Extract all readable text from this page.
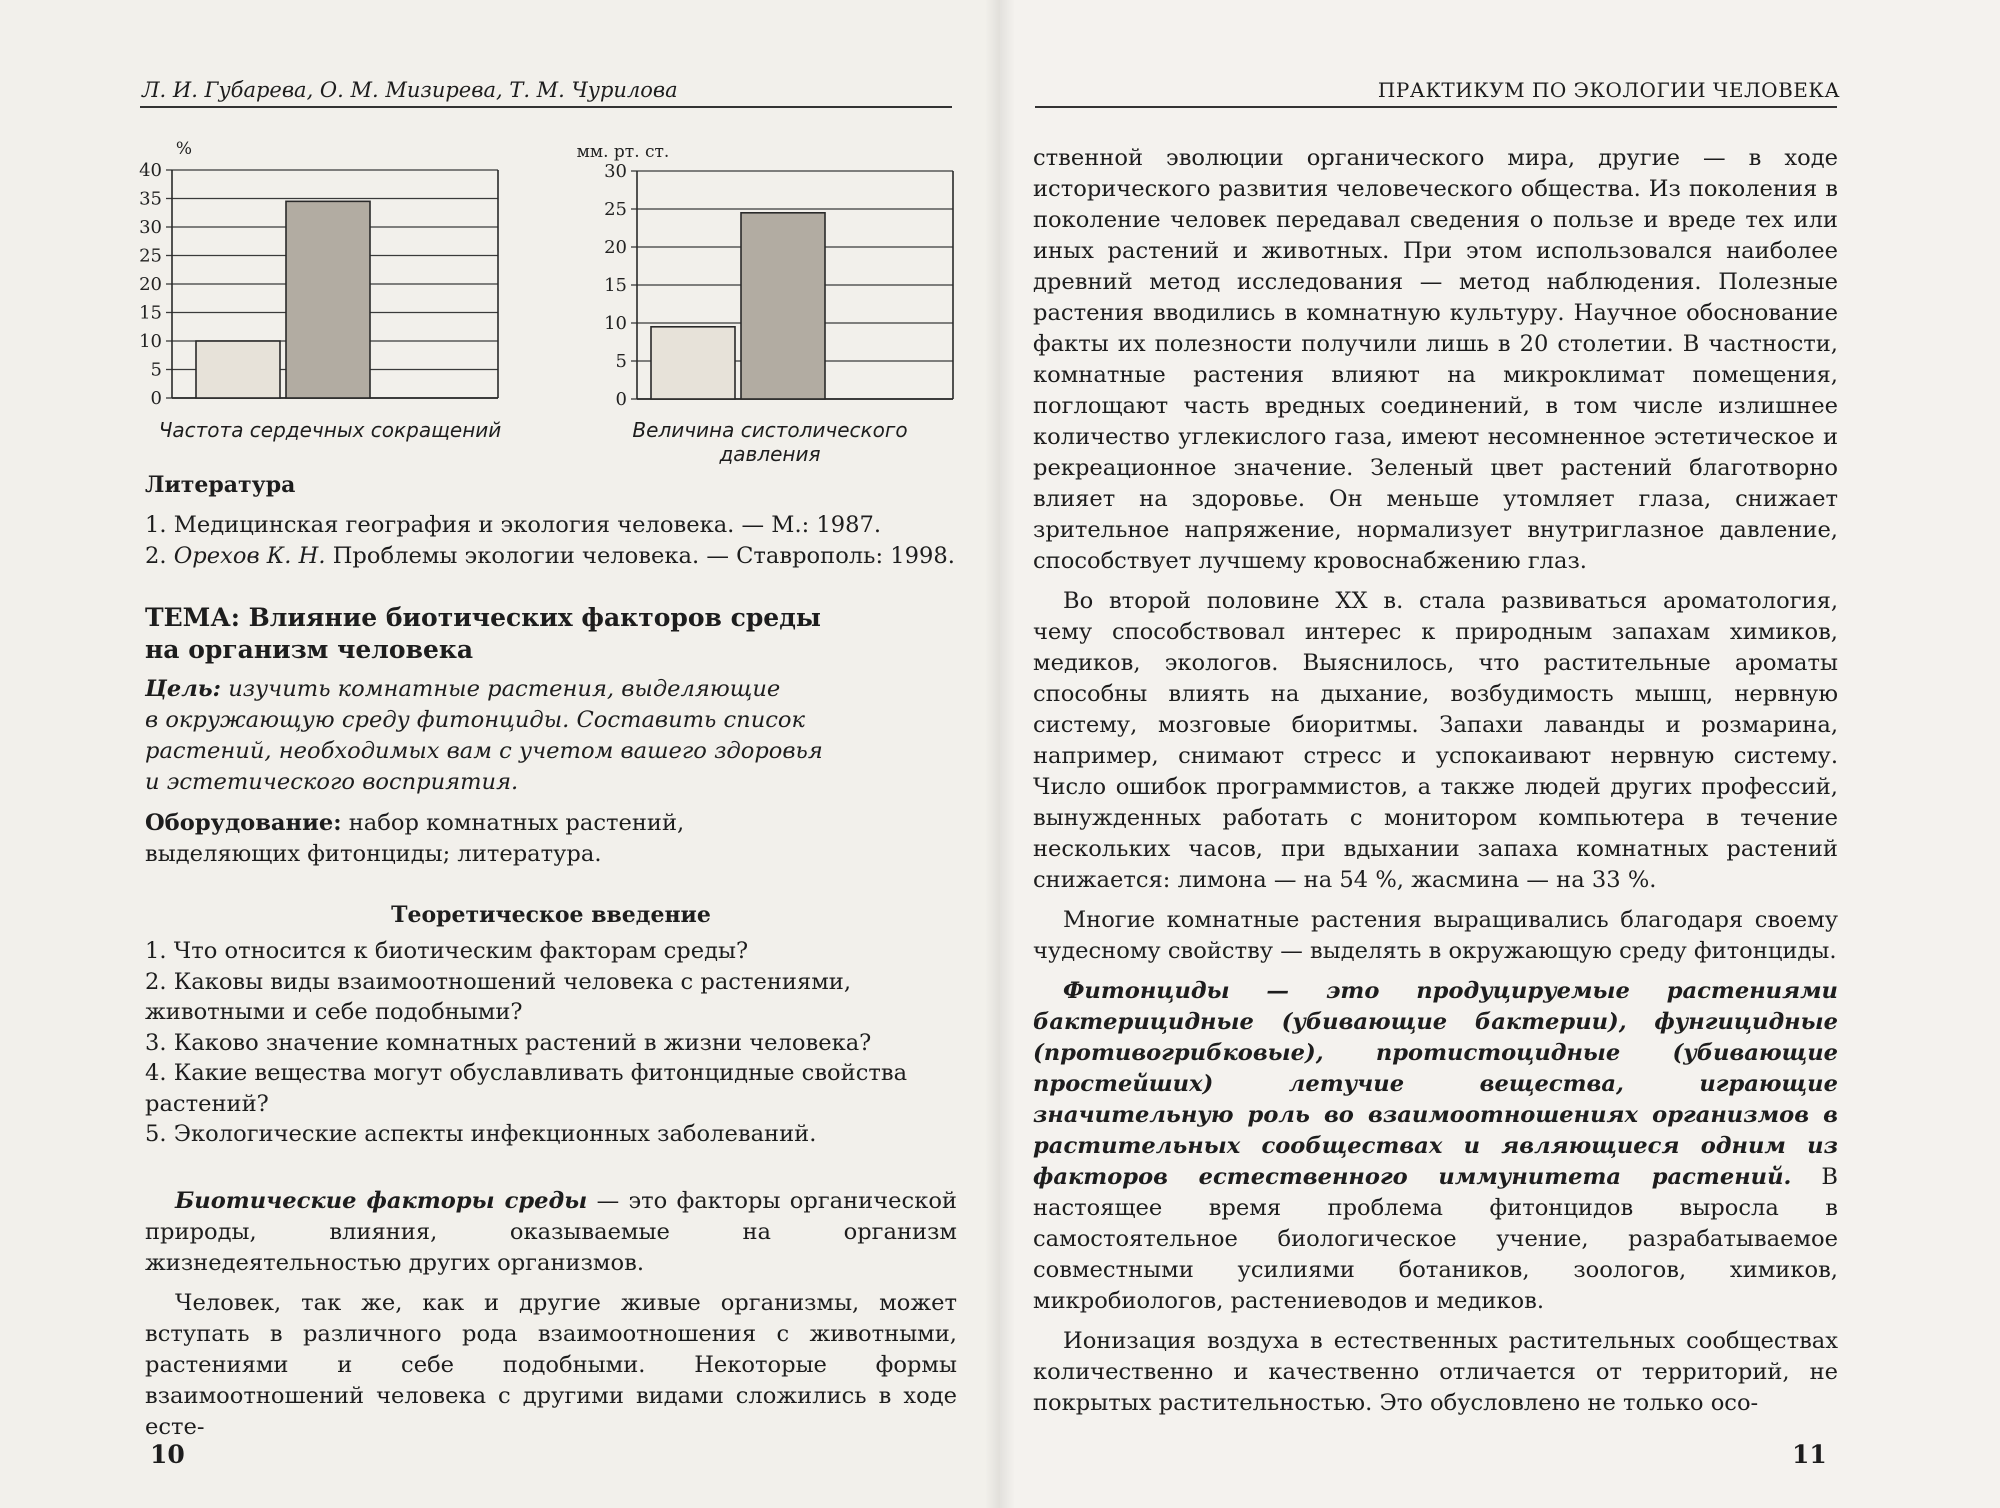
Л. И. Губарева, О. М. Мизирева, Т. М. Чурилова	ПРАКТИКУМ ПО ЭКОЛОГИИ ЧЕЛОВЕКА
%
0
5
10
15
20
25
30
35
40
Частота сердечных сокращений
мм. рт. ст.
0
5
10
15
20
25
30
Величина систолического
давления
Литература
1. Медицинская география и экология человека. — М.: 1987.
2. Орехов К. Н. Проблемы экологии человека. — Ставрополь: 1998.
ТЕМА: Влияние биотических факторов среды
на организм человека
Цель: изучить комнатные растения, выделяющие
в окружающую среду фитонциды. Составить список
растений, необходимых вам с учетом вашего здоровья
и эстетического восприятия.
Оборудование: набор комнатных растений,
выделяющих фитонциды; литература.
Теоретическое введение
1. Что относится к биотическим факторам среды?
2. Каковы виды взаимоотношений человека с растениями,
животными и себе подобными?
3. Каково значение комнатных растений в жизни человека?
4. Какие вещества могут обуславливать фитонцидные свойства
растений?
5. Экологические аспекты инфекционных заболеваний.

Биотические факторы среды — это факторы органической природы, влияния, оказываемые на организм жизнедеятельностью других организмов.

Человек, так же, как и другие живые организмы, может вступать в различного рода взаимоотношения с животными, растениями и себе подобными. Некоторые формы взаимоотношений человека с другими видами сложились в ходе есте-

ственной эволюции органического мира, другие — в ходе исторического развития человеческого общества. Из поколения в поколение человек передавал сведения о пользе и вреде тех или иных растений и животных. При этом использовался наиболее древний метод исследования — метод наблюдения. Полезные растения вводились в комнатную культуру. Научное обоснование факты их полезности получили лишь в 20 столетии. В частности, комнатные растения влияют на микроклимат помещения, поглощают часть вредных соединений, в том числе излишнее количество углекислого газа, имеют несомненное эстетическое и рекреационное значение. Зеленый цвет растений благотворно влияет на здоровье. Он меньше утомляет глаза, снижает зрительное напряжение, нормализует внутриглазное давление, способствует лучшему кровоснабжению глаз.

Во второй половине XX в. стала развиваться ароматология, чему способствовал интерес к природным запахам химиков, медиков, экологов. Выяснилось, что растительные ароматы способны влиять на дыхание, возбудимость мышц, нервную систему, мозговые биоритмы. Запахи лаванды и розмарина, например, снимают стресс и успокаивают нервную систему. Число ошибок программистов, а также людей других профессий, вынужденных работать с монитором компьютера в течение нескольких часов, при вдыхании запаха комнатных растений снижается: лимона — на 54 %, жасмина — на 33 %.

Многие комнатные растения выращивались благодаря своему чудесному свойству — выделять в окружающую среду фитонциды.

Фитонциды — это продуцируемые растениями бактерицидные (убивающие бактерии), фунгицидные (противогрибковые), протистоцидные (убивающие простейших) летучие вещества, играющие значительную роль во взаимоотношениях организмов в растительных сообществах и являющиеся одним из факторов естественного иммунитета растений. В настоящее время проблема фитонцидов выросла в самостоятельное биологическое учение, разрабатываемое совместными усилиями ботаников, зоологов, химиков, микробиологов, растениеводов и медиков.

Ионизация воздуха в естественных растительных сообществах количественно и качественно отличается от территорий, не покрытых растительностью. Это обусловлено не только осо-

10	11
